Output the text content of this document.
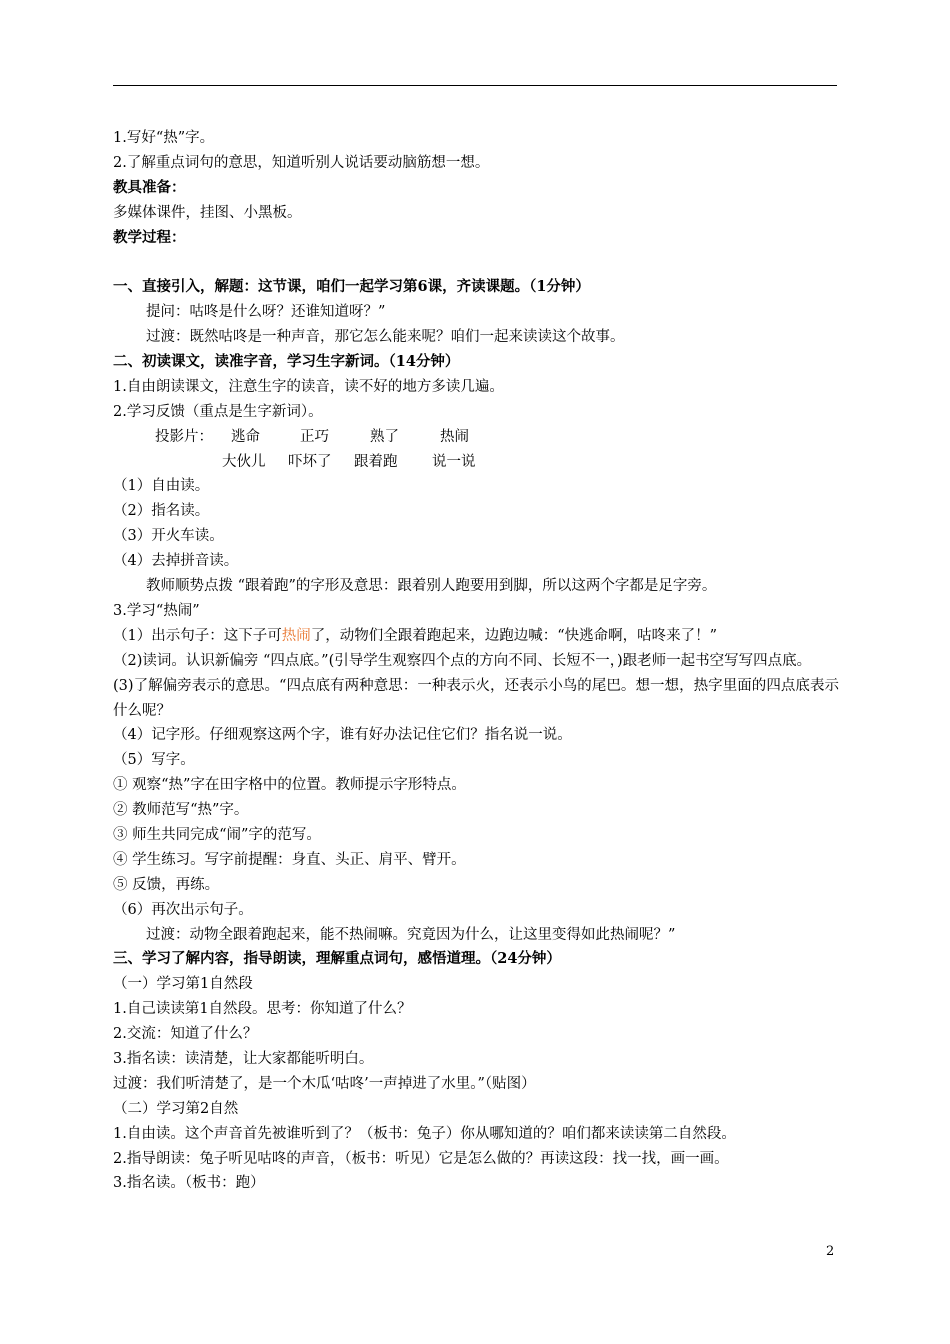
1.写好“热”字。
2.了解重点词句的意思，知道听别人说话要动脑筋想一想。
教具准备：
多媒体课件，挂图、小黑板。
教学过程：
一、直接引入，解题：这节课，咱们一起学习第6课，齐读课题。（1分钟）
提问：咕咚是什么呀？还谁知道呀？”
过渡：既然咕咚是一种声音，那它怎么能来呢？咱们一起来读读这个故事。
二、初读课文，读准字音，学习生字新词。（14分钟）
1.自由朗读课文，注意生字的读音，读不好的地方多读几遍。
2.学习反馈（重点是生字新词）。
投影片： 逃命	正巧	熟了	热闹
大伙儿 吓坏了 跟着跑 说一说
（1）自由读。
（2）指名读。
（3）开火车读。
（4）去掉拼音读。
教师顺势点拨 “跟着跑”的字形及意思：跟着别人跑要用到脚，所以这两个字都是足字旁。
3.学习“热闹”
（1）出示句子：这下子可热闹了，动物们全跟着跑起来，边跑边喊：“快逃命啊，咕咚来了！”
（2)读词。认识新偏旁 “四点底。”(引导学生观察四个点的方向不同、长短不一，)跟老师一起书空写写四点底。
(3)了解偏旁表示的意思。“四点底有两种意思：一种表示火，还表示小鸟的尾巴。想一想，热字里面的四点底表示什么呢？
（4）记字形。仔细观察这两个字，谁有好办法记住它们？指名说一说。
（5）写字。
① 观察“热”字在田字格中的位置。教师提示字形特点。
② 教师范写“热”字。
③ 师生共同完成“闹”字的范写。
④ 学生练习。写字前提醒：身直、头正、肩平、臂开。
⑤ 反馈，再练。
（6）再次出示句子。
过渡：动物全跟着跑起来，能不热闹嘛。究竟因为什么，让这里变得如此热闹呢？”
三、学习了解内容，指导朗读，理解重点词句，感悟道理。（24分钟）
（一）学习第1自然段
1.自己读读第1自然段。思考：你知道了什么？
2.交流：知道了什么？
3.指名读：读清楚，让大家都能听明白。
过渡：我们听清楚了，是一个木瓜‘咕咚’一声掉进了水里。”（贴图）
（二）学习第2自然
1.自由读。这个声音首先被谁听到了？（板书：兔子）你从哪知道的？咱们都来读读第二自然段。
2.指导朗读：兔子听见咕咚的声音，（板书：听见）它是怎么做的？再读这段：找一找，画一画。
3.指名读。（板书：跑）
2
